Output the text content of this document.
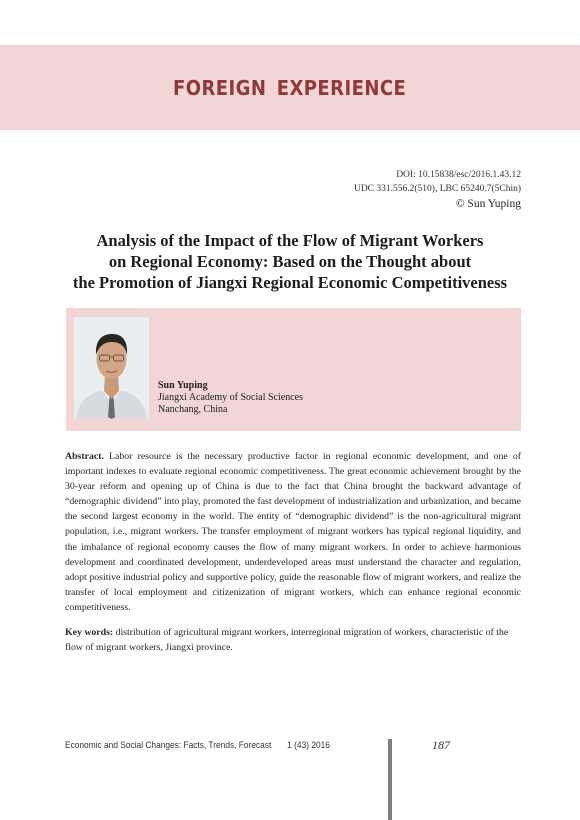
FOREIGN EXPERIENCE
DOI: 10.15838/esc/2016.1.43.12
UDC 331.556.2(510), LBC 65240.7(5Chin)
© Sun Yuping
Analysis of the Impact of the Flow of Migrant Workers
on Regional Economy: Based on the Thought about
the Promotion of Jiangxi Regional Economic Competitiveness
Sun Yuping
Jiangxi Academy of Social Sciences
Nanchang, China

Abstract. Labor resource is the necessary productive factor in regional economic development, and one of important indexes to evaluate regional economic competitiveness. The great economic achievement brought by the 30-year reform and opening up of China is due to the fact that China brought the backward advantage of “demographic dividend” into play, promoted the fast development of industrialization and urbanization, and became the second largest economy in the world. The entity of “demographic dividend” is the non-agricultural migrant population, i.e., migrant workers. The transfer employment of migrant workers has typical regional liquidity, and the imbalance of regional economy causes the flow of many migrant workers. In order to achieve harmonious development and coordinated development, underdeveloped areas must understand the character and regulation, adopt positive industrial policy and supportive policy, guide the reasonable flow of migrant workers, and realize the transfer of local employment and citizenization of migrant workers, which can enhance regional economic competitiveness.

Key words: distribution of agricultural migrant workers, interregional migration of workers, characteristic of the flow of migrant workers, Jiangxi province.

Economic and Social Changes: Facts, Trends, Forecast 1 (43) 2016	187
